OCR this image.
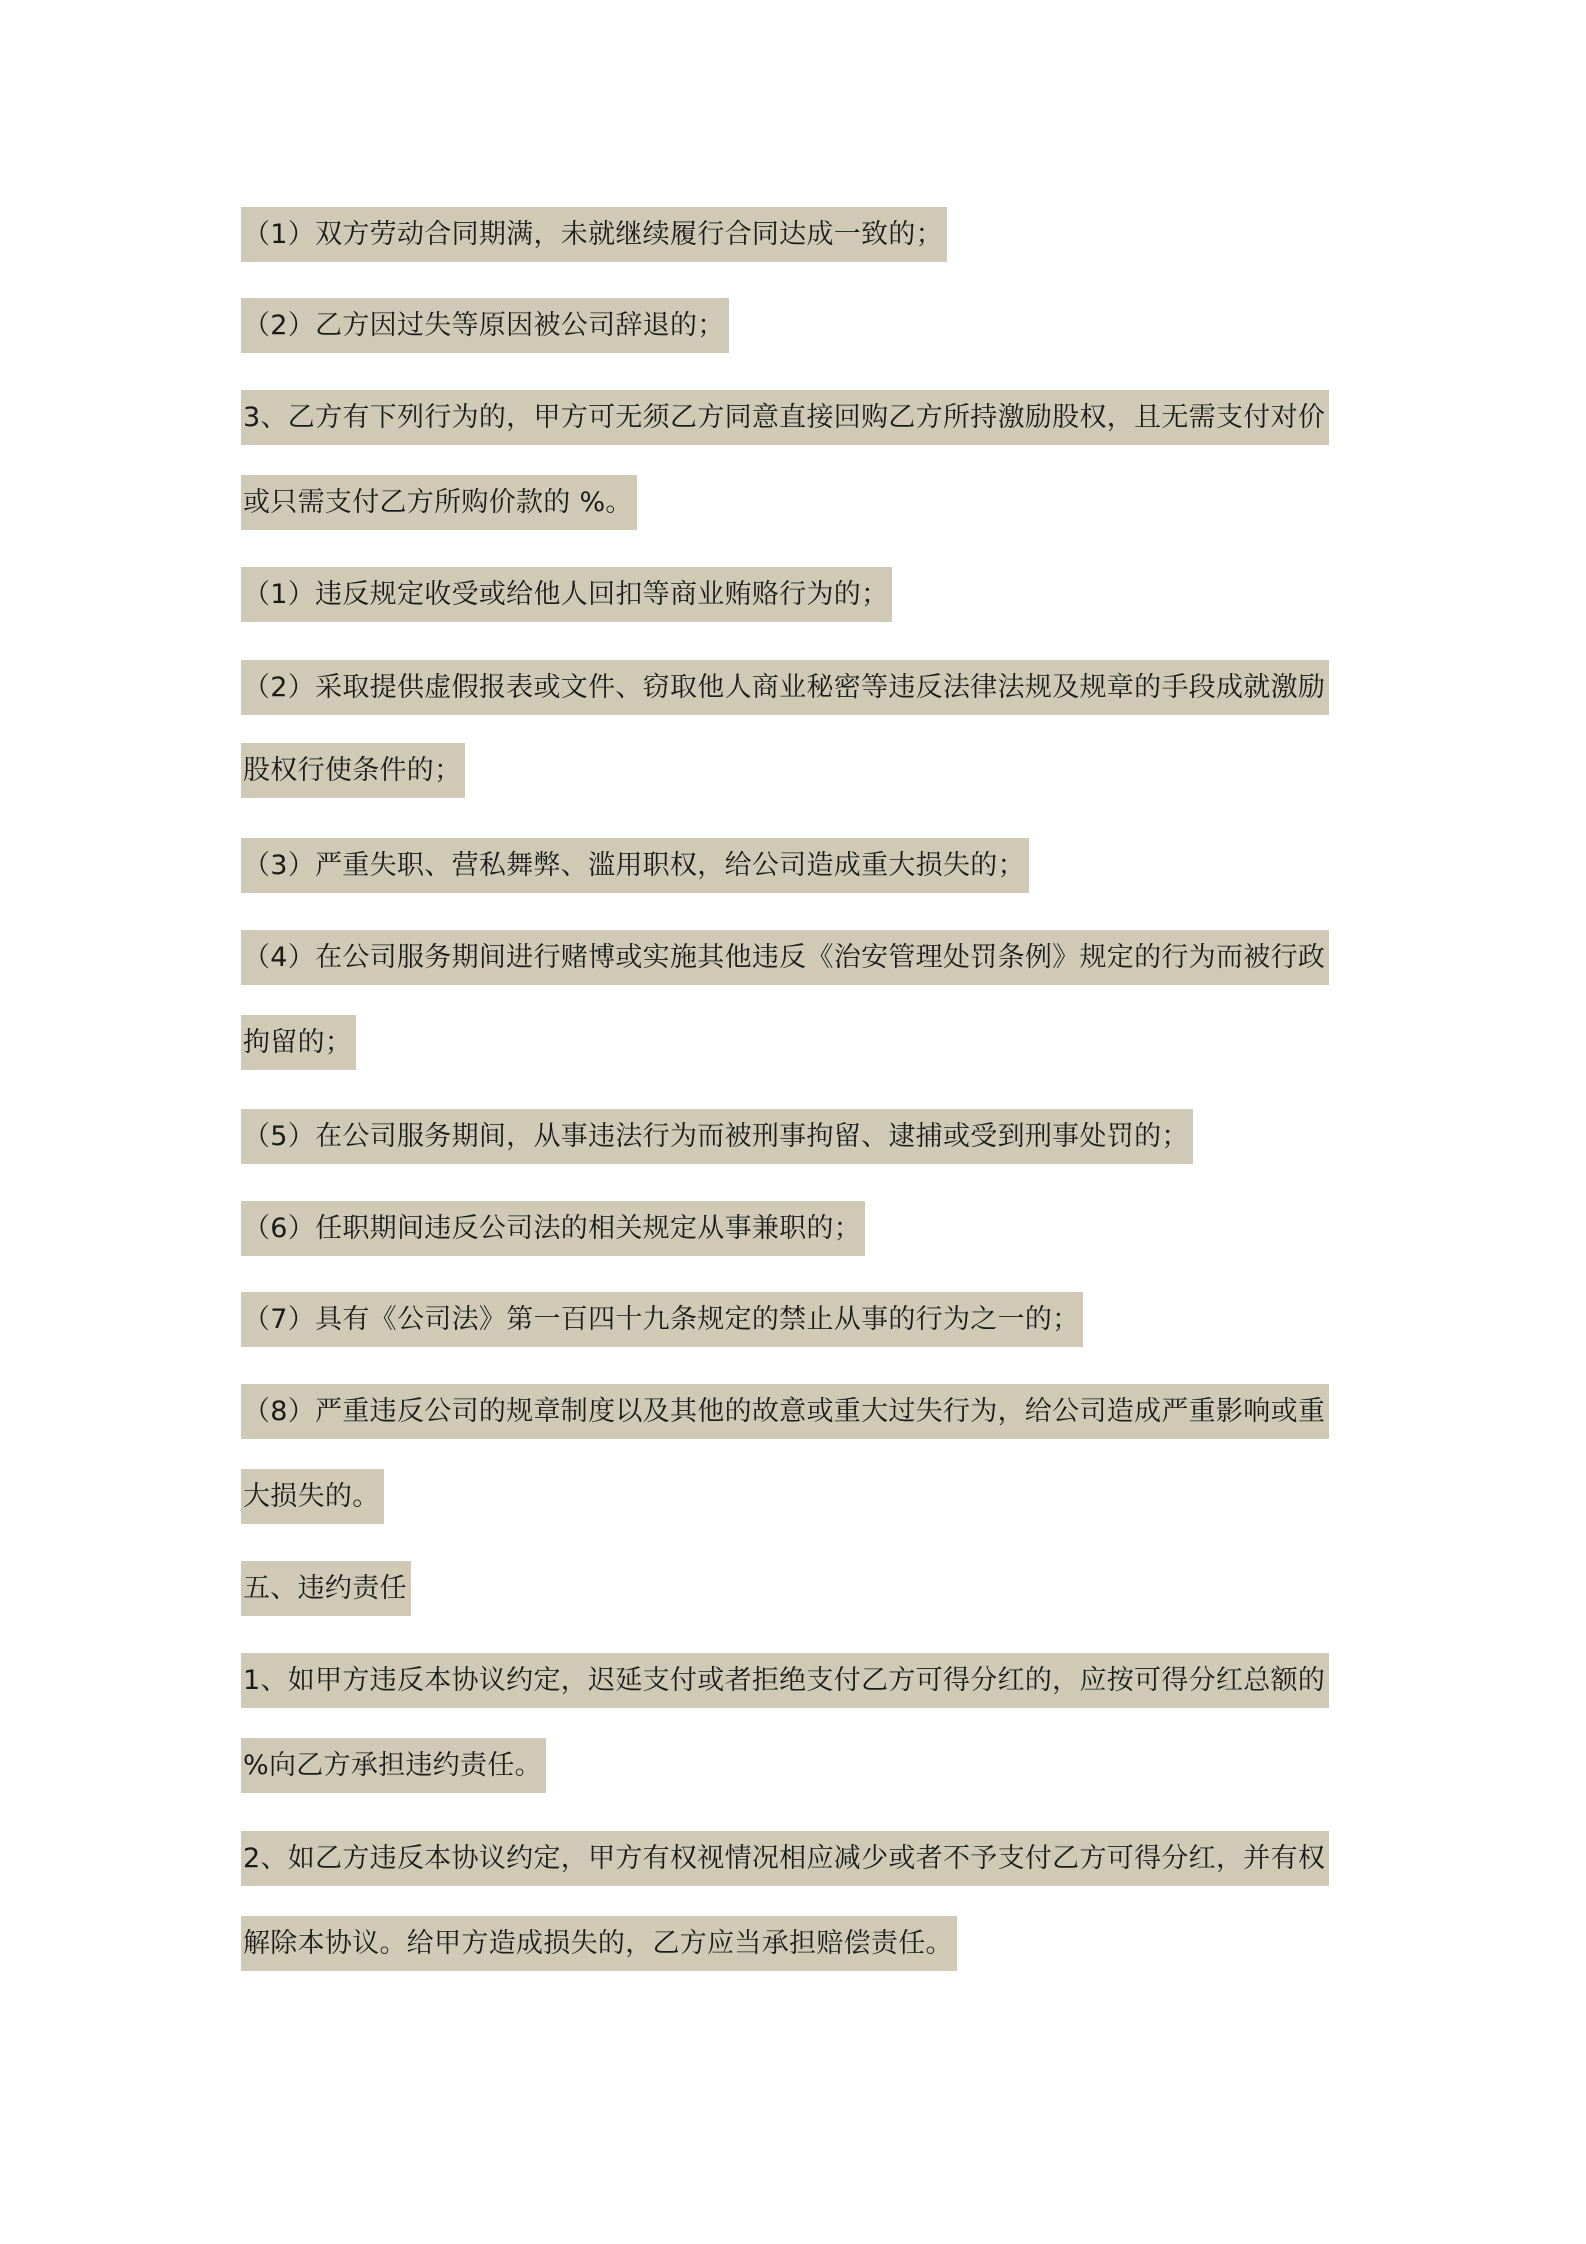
（1）双方劳动合同期满，未就继续履行合同达成一致的；
（2）乙方因过失等原因被公司辞退的；
3、乙方有下列行为的，甲方可无须乙方同意直接回购乙方所持激励股权，且无需支付对价
或只需支付乙方所购价款的 %。
（1）违反规定收受或给他人回扣等商业贿赂行为的；
（2）采取提供虚假报表或文件、窃取他人商业秘密等违反法律法规及规章的手段成就激励
股权行使条件的；
（3）严重失职、营私舞弊、滥用职权，给公司造成重大损失的；
（4）在公司服务期间进行赌博或实施其他违反《治安管理处罚条例》规定的行为而被行政
拘留的；
（5）在公司服务期间，从事违法行为而被刑事拘留、逮捕或受到刑事处罚的；
（6）任职期间违反公司法的相关规定从事兼职的；
（7）具有《公司法》第一百四十九条规定的禁止从事的行为之一的；
（8）严重违反公司的规章制度以及其他的故意或重大过失行为，给公司造成严重影响或重
大损失的。
五、违约责任
1、如甲方违反本协议约定，迟延支付或者拒绝支付乙方可得分红的，应按可得分红总额的
%向乙方承担违约责任。
2、如乙方违反本协议约定，甲方有权视情况相应减少或者不予支付乙方可得分红，并有权
解除本协议。给甲方造成损失的，乙方应当承担赔偿责任。
